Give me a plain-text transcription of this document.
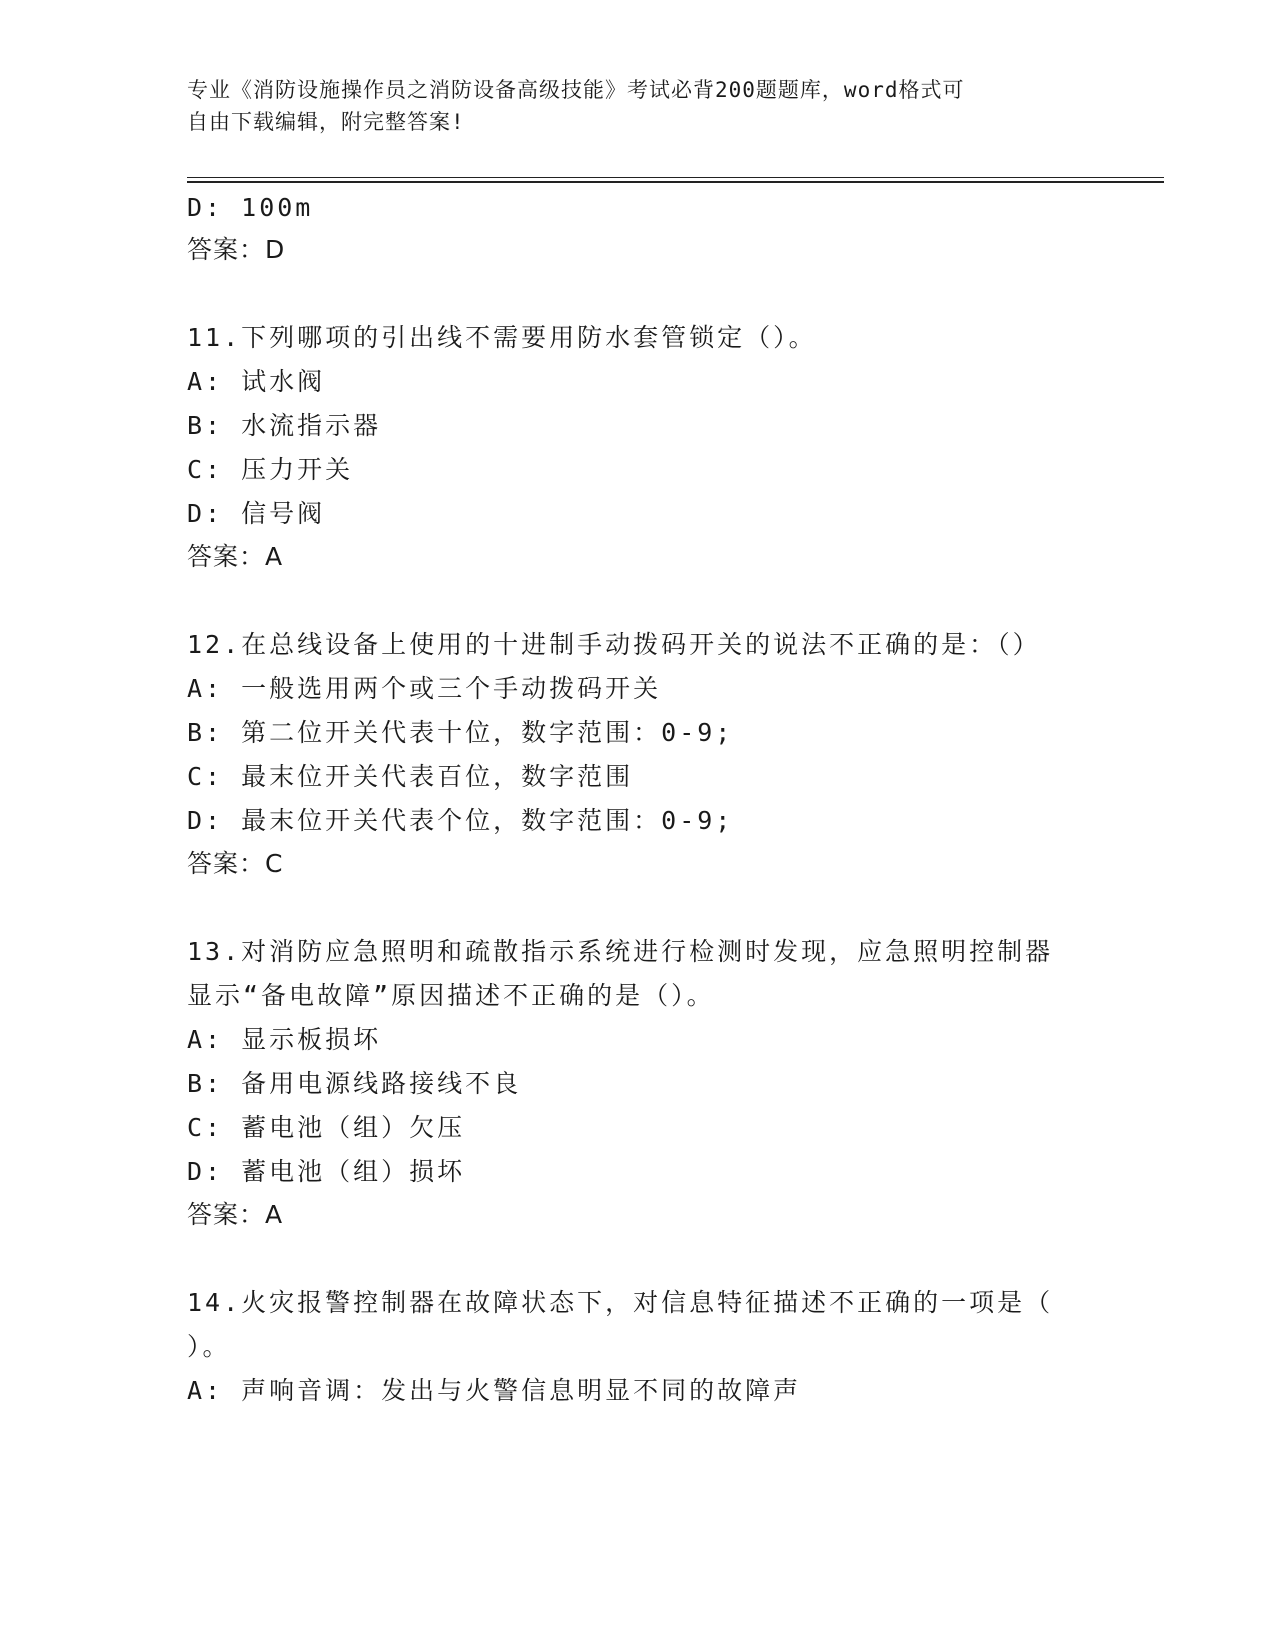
专业《消防设施操作员之消防设备高级技能》考试必背200题题库，word格式可
自由下载编辑，附完整答案!
D: 100m
答案：D
11.下列哪项的引出线不需要用防水套管锁定（）。
A: 试水阀
B: 水流指示器
C: 压力开关
D: 信号阀
答案：A
12.在总线设备上使用的十进制手动拨码开关的说法不正确的是：（）
A: 一般选用两个或三个手动拨码开关
B: 第二位开关代表十位，数字范围：0-9;
C: 最末位开关代表百位，数字范围
D: 最末位开关代表个位，数字范围：0-9;
答案：C
13.对消防应急照明和疏散指示系统进行检测时发现，应急照明控制器
显示“备电故障”原因描述不正确的是（）。
A: 显示板损坏
B: 备用电源线路接线不良
C: 蓄电池（组）欠压
D: 蓄电池（组）损坏
答案：A
14.火灾报警控制器在故障状态下，对信息特征描述不正确的一项是（
）。
A: 声响音调：发出与火警信息明显不同的故障声
